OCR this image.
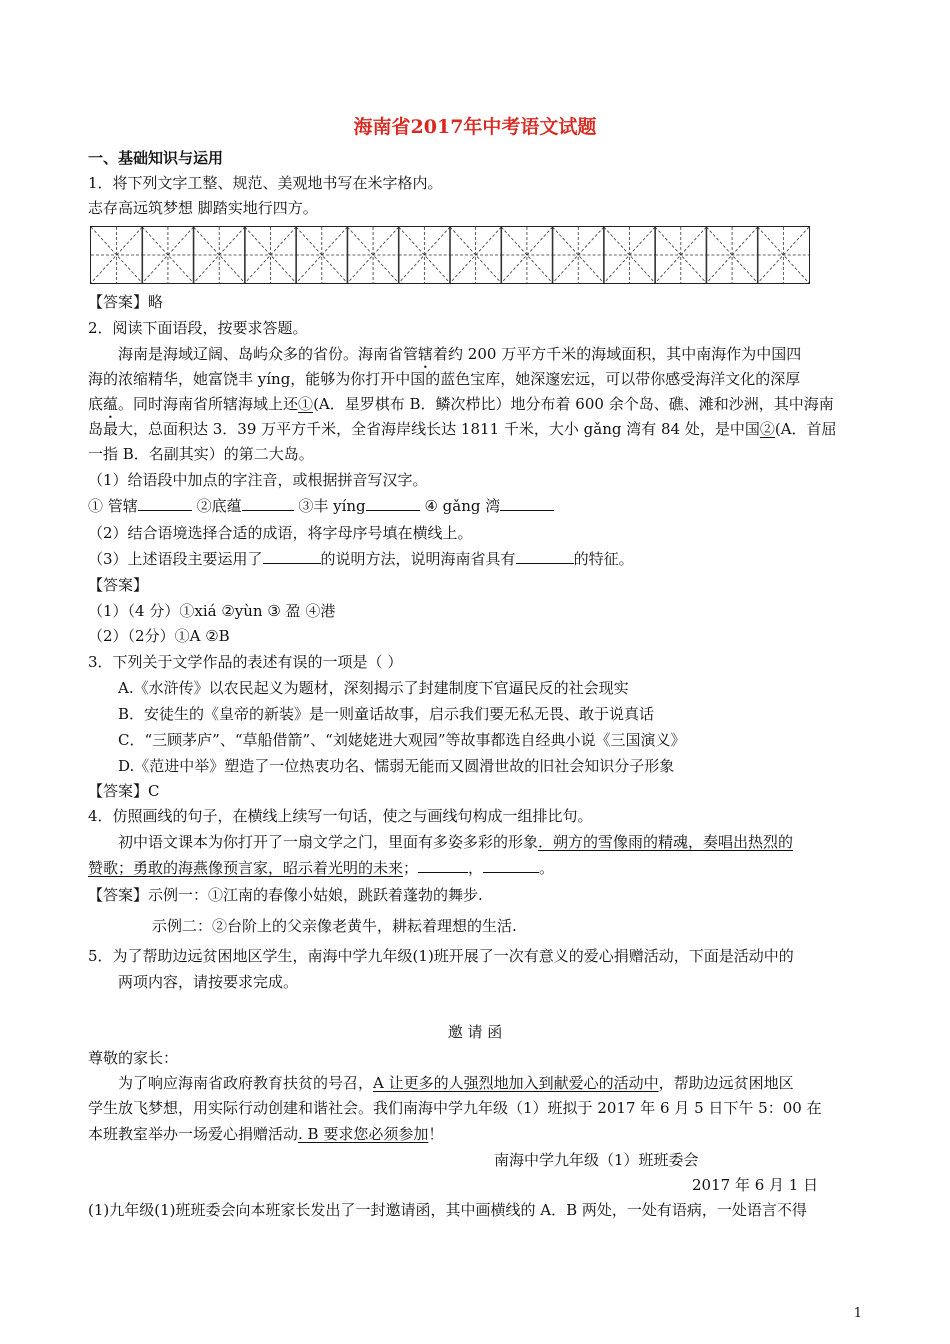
海南省2017年中考语文试题
一、基础知识与运用
1．将下列文字工整、规范、美观地书写在米字格内。
志存高远筑梦想 脚踏实地行四方。
【答案】略
2．阅读下面语段，按要求答题。
海南是海域辽阔、岛屿众多的省份。海南省管辖着约 200 万平方千米的海域面积，其中南海作为中国四
海的浓缩精华，她富饶丰 yíng，能够为你打开中国的蓝色宝库，她深邃宏远，可以带你感受海洋文化的深厚
底蕴。同时海南省所辖海域上还①(A．星罗棋布 B．鳞次栉比）地分布着 600 余个岛、礁、滩和沙洲，其中海南
岛最大，总面积达 3．39 万平方千米，全省海岸线长达 1811 千米，大小 gǎng 湾有 84 处，是中国②(A．首屈
一指 B．名副其实）的第二大岛。
（1）给语段中加点的字注音，或根据拼音写汉字。
① 管辖	②底蕴	③丰 yíng	④ gǎng 湾
（2）结合语境选择合适的成语，将字母序号填在横线上。
（3）上述语段主要运用了	的说明方法，说明海南省具有	的特征。
【答案】
（1）（4 分）①xiá ②yùn ③ 盈 ④港
（2）（2分）①A ②B
3．下列关于文学作品的表述有误的一项是（ ）
A.《水浒传》以农民起义为题材，深刻揭示了封建制度下官逼民反的社会现实
B．安徒生的《皇帝的新装》是一则童话故事，启示我们要无私无畏、敢于说真话
C．“三顾茅庐”、“草船借箭”、“刘姥姥进大观园”等故事都选自经典小说《三国演义》
D.《范进中举》塑造了一位热衷功名、懦弱无能而又圆滑世故的旧社会知识分子形象
【答案】C
4．仿照画线的句子，在横线上续写一句话，使之与画线句构成一组排比句。
初中语文课本为你打开了一扇文学之门，里面有多姿多彩的形象．朔方的雪像雨的精魂，奏唱出热烈的
赞歌；勇敢的海燕像预言家，昭示着光明的未来；	，	。
【答案】示例一：①江南的春像小姑娘，跳跃着蓬勃的舞步.
示例二：②台阶上的父亲像老黄牛，耕耘着理想的生活.
5．为了帮助边远贫困地区学生，南海中学九年级(1)班开展了一次有意义的爱心捐赠活动，下面是活动中的
两项内容，请按要求完成。
邀 请 函
尊敬的家长：
为了响应海南省政府教育扶贫的号召，A 让更多的人强烈地加入到献爱心的活动中，帮助边远贫困地区
学生放飞梦想，用实际行动创建和谐社会。我们南海中学九年级（1）班拟于 2017 年 6 月 5 日下午 5：00 在
本班教室举办一场爱心捐赠活动. B 要求您必须参加！
南海中学九年级（1）班班委会
2017 年 6 月 1 日
(1)九年级(1)班班委会向本班家长发出了一封邀请函，其中画横线的 A．B 两处，一处有语病，一处语言不得
1
